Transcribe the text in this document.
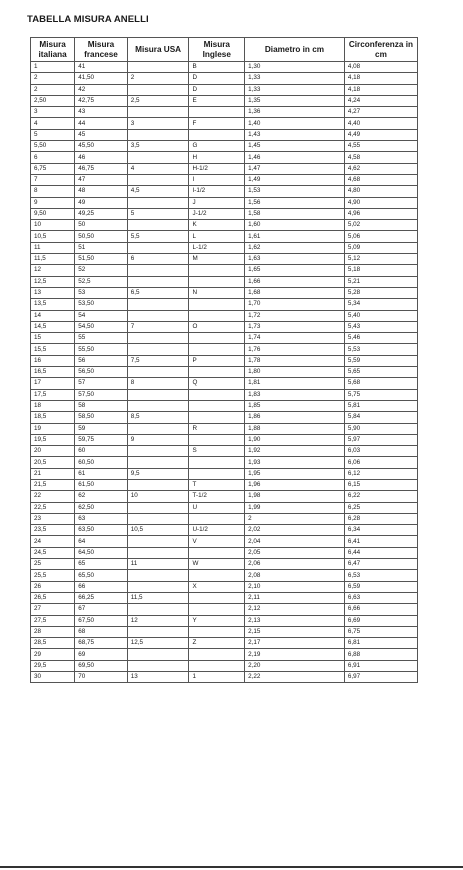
TABELLA MISURA ANELLI
Misura italiana	Misura francese	Misura USA	Misura Inglese	Diametro in cm	Circonferenza in cm
1	41		B	1,30	4,08
2	41,50	2	D	1,33	4,18
2	42		D	1,33	4,18
2,50	42,75	2,5	E	1,35	4,24
3	43			1,36	4,27
4	44	3	F	1,40	4,40
5	45			1,43	4,49
5,50	45,50	3,5	G	1,45	4,55
6	46		H	1,46	4,58
6,75	46,75	4	H-1/2	1,47	4,62
7	47		I	1,49	4,68
8	48	4,5	I-1/2	1,53	4,80
9	49		J	1,56	4,90
9,50	49,25	5	J-1/2	1,58	4,96
10	50		K	1,60	5,02
10,5	50,50	5,5	L	1,61	5,06
11	51		L-1/2	1,62	5,09
11,5	51,50	6	M	1,63	5,12
12	52			1,65	5,18
12,5	52,5			1,66	5,21
13	53	6,5	N	1,68	5,28
13,5	53,50			1,70	5,34
14	54			1,72	5,40
14,5	54,50	7	O	1,73	5,43
15	55			1,74	5,46
15,5	55,50			1,76	5,53
16	56	7,5	P	1,78	5,59
16,5	56,50			1,80	5,65
17	57	8	Q	1,81	5,68
17,5	57,50			1,83	5,75
18	58			1,85	5,81
18,5	58,50	8,5		1,86	5,84
19	59		R	1,88	5,90
19,5	59,75	9		1,90	5,97
20	60		S	1,92	6,03
20,5	60,50			1,93	6,06
21	61	9,5		1,95	6,12
21,5	61,50		T	1,96	6,15
22	62	10	T-1/2	1,98	6,22
22,5	62,50		U	1,99	6,25
23	63			2	6,28
23,5	63,50	10,5	U-1/2	2,02	6,34
24	64		V	2,04	6,41
24,5	64,50			2,05	6,44
25	65	11	W	2,06	6,47
25,5	65,50			2,08	6,53
26	66		X	2,10	6,59
26,5	66,25	11,5		2,11	6,63
27	67			2,12	6,66
27,5	67,50	12	Y	2,13	6,69
28	68			2,15	6,75
28,5	68,75	12,5	Z	2,17	6,81
29	69			2,19	6,88
29,5	69,50			2,20	6,91
30	70	13	1	2,22	6,97
